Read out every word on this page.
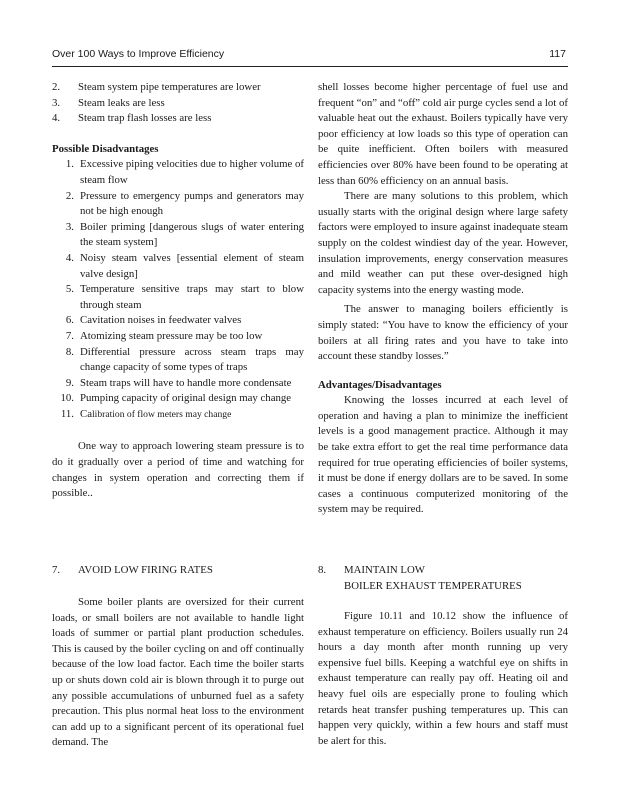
Over 100 Ways to Improve Efficiency	117
2.	Steam system pipe temperatures are lower
3.	Steam leaks are less
4.	Steam trap flash losses are less

Possible Disadvantages

1. Excessive piping velocities due to higher volume of steam flow
2. Pressure to emergency pumps and generators may not be high enough
3. Boiler priming [dangerous slugs of water entering the steam system]
4. Noisy steam valves [essential element of steam valve design]
5. Temperature sensitive traps may start to blow through steam
6. Cavitation noises in feedwater valves
7. Atomizing steam pressure may be too low
8. Differential pressure across steam traps may change capacity of some types of traps
9. Steam traps will have to handle more condensate
10. Pumping capacity of original design may change
11. Calibration of flow meters may change

One way to approach lowering steam pressure is to do it gradually over a period of time and watching for changes in system operation and correcting them if possible..

shell losses become higher percentage of fuel use and frequent “on” and “off” cold air purge cycles send a lot of valuable heat out the exhaust. Boilers typically have very poor efficiency at low loads so this type of operation can be quite inefficient. Often boilers with measured efficiencies over 80% have been found to be operating at less than 60% efficiency on an annual basis.

There are many solutions to this problem, which usually starts with the original design where large safety factors were employed to insure against inadequate steam supply on the coldest windiest day of the year. However, insulation improvements, energy conservation measures and mild weather can put these over-designed high capacity systems into the energy wasting mode.

The answer to managing boilers efficiently is simply stated: “You have to know the efficiency of your boilers at all firing rates and you have to take into account these standby losses.”

Advantages/Disadvantages

Knowing the losses incurred at each level of operation and having a plan to minimize the inefficient levels is a good management practice. Although it may be take extra effort to get the real time performance data required for true operating efficiencies of boiler systems, it must be done if energy dollars are to be saved. In some cases a continuous computerized monitoring of the system may be required.

7.	AVOID LOW FIRING RATES

Some boiler plants are oversized for their current loads, or small boilers are not available to handle light loads of summer or partial plant production schedules. This is caused by the boiler cycling on and off continually because of the low load factor. Each time the boiler starts up or shuts down cold air is blown through it to purge out any possible accumulations of unburned fuel as a safety precaution. This plus normal heat loss to the environment can add up to a significant percent of its operational fuel demand. The

8.	MAINTAIN LOW
BOILER EXHAUST TEMPERATURES

Figure 10.11 and 10.12 show the influence of exhaust temperature on efficiency. Boilers usually run 24 hours a day month after month running up very expensive fuel bills. Keeping a watchful eye on shifts in exhaust temperature can really pay off. Heating oil and heavy fuel oils are especially prone to fouling which retards heat transfer pushing temperatures up. This can happen very quickly, within a few hours and staff must be alert for this.
